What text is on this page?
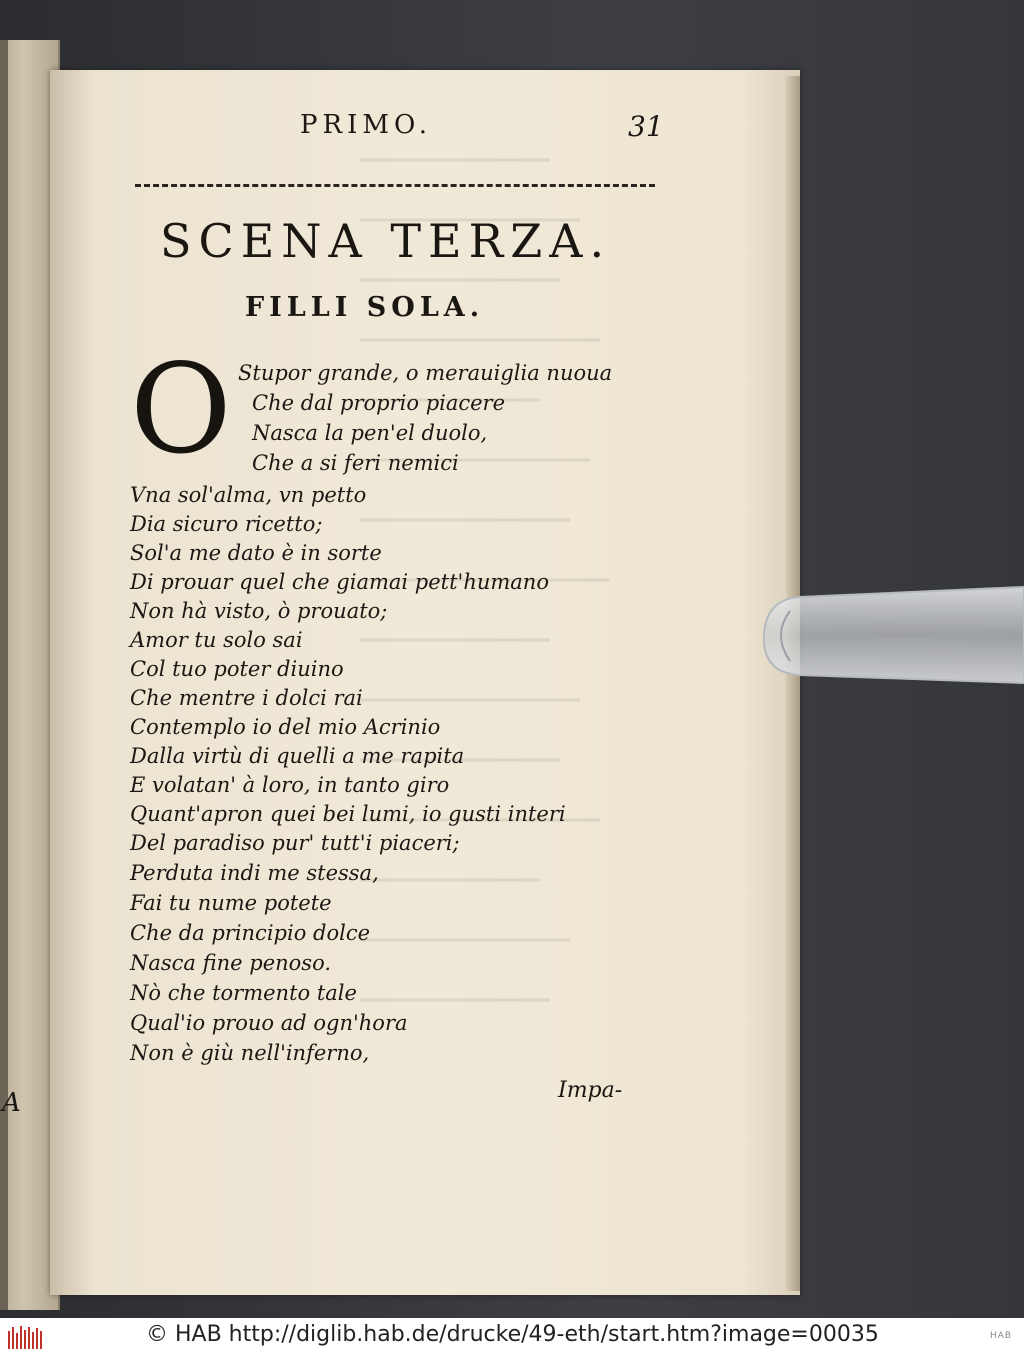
A
PRIMO.	31
SCENA TERZA.
FILLI SOLA.
O Stupor grande, o merauiglia nuoua
Che dal proprio piacere
Nasca la pen'el duolo,
Che a si feri nemici
Vna sol'alma, vn petto
Dia sicuro ricetto;
Sol'a me dato è in sorte
Di prouar quel che giamai pett'humano
Non hà visto, ò prouato;
Amor tu solo sai
Col tuo poter diuino
Che mentre i dolci rai
Contemplo io del mio Acrinio
Dalla virtù di quelli a me rapita
E volatan' à loro, in tanto giro
Quant'apron quei bei lumi, io gusti interi
Del paradiso pur' tutt'i piaceri;
Perduta indi me stessa,
Fai tu nume potete
Che da principio dolce
Nasca fine penoso.
Nò che tormento tale
Qual'io prouo ad ogn'hora
Non è giù nell'inferno,
Impa-
© HAB http://diglib.hab.de/drucke/49-eth/start.htm?image=00035	HAB
